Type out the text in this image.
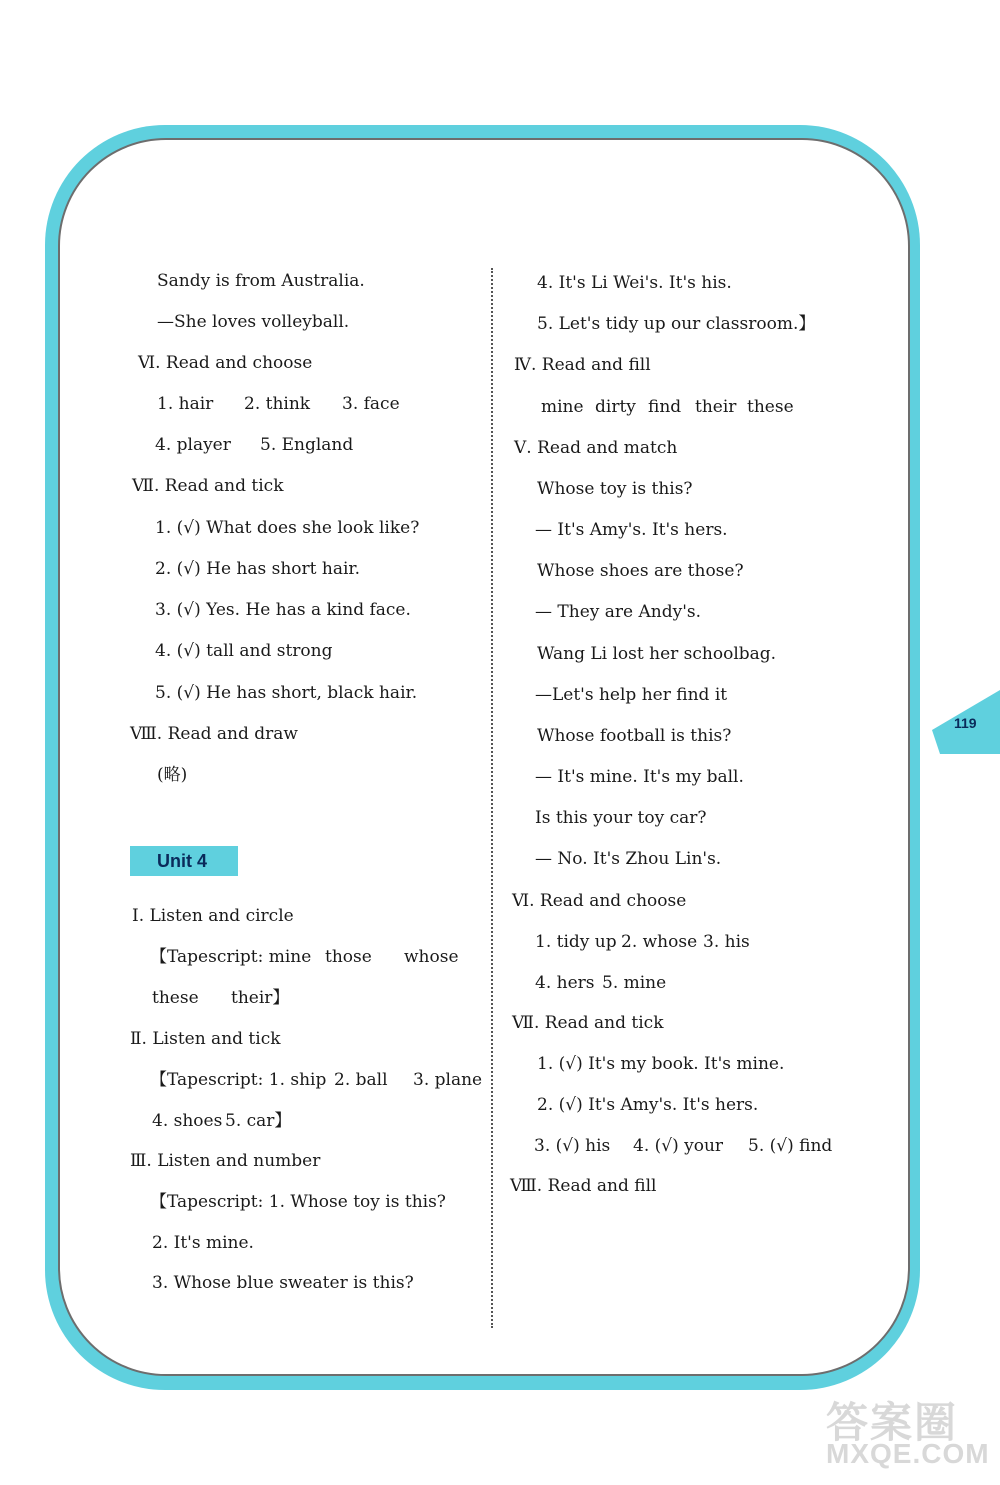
Sandy is from Australia.
—She loves volleyball.
Ⅵ. Read and choose
1. hair 2. think 3. face
4. player 5. England
Ⅶ. Read and tick
1. (√) What does she look like?
2. (√) He has short hair.
3. (√) Yes. He has a kind face.
4. (√) tall and strong
5. (√) He has short, black hair.
Ⅷ. Read and draw
(略)
Unit 4
Ⅰ. Listen and circle
【Tapescript: mine those whose
these their】
Ⅱ. Listen and tick
【Tapescript: 1. ship 2. ball 3. plane
4. shoes 5. car】
Ⅲ. Listen and number
【Tapescript: 1. Whose toy is this?
2. It's mine.
3. Whose blue sweater is this?
4. It's Li Wei's. It's his.
5. Let's tidy up our classroom.】
Ⅳ. Read and fill
mine dirty find their these
Ⅴ. Read and match
Whose toy is this?
— It's Amy's. It's hers.
Whose shoes are those?
— They are Andy's.
Wang Li lost her schoolbag.
—Let's help her find it
Whose football is this?
— It's mine. It's my ball.
Is this your toy car?
— No. It's Zhou Lin's.
Ⅵ. Read and choose
1. tidy up 2. whose 3. his
4. hers 5. mine
Ⅶ. Read and tick
1. (√) It's my book. It's mine.
2. (√) It's Amy's. It's hers.
3. (√) his 4. (√) your 5. (√) find
Ⅷ. Read and fill
119
答案圈
MXQE.COM
